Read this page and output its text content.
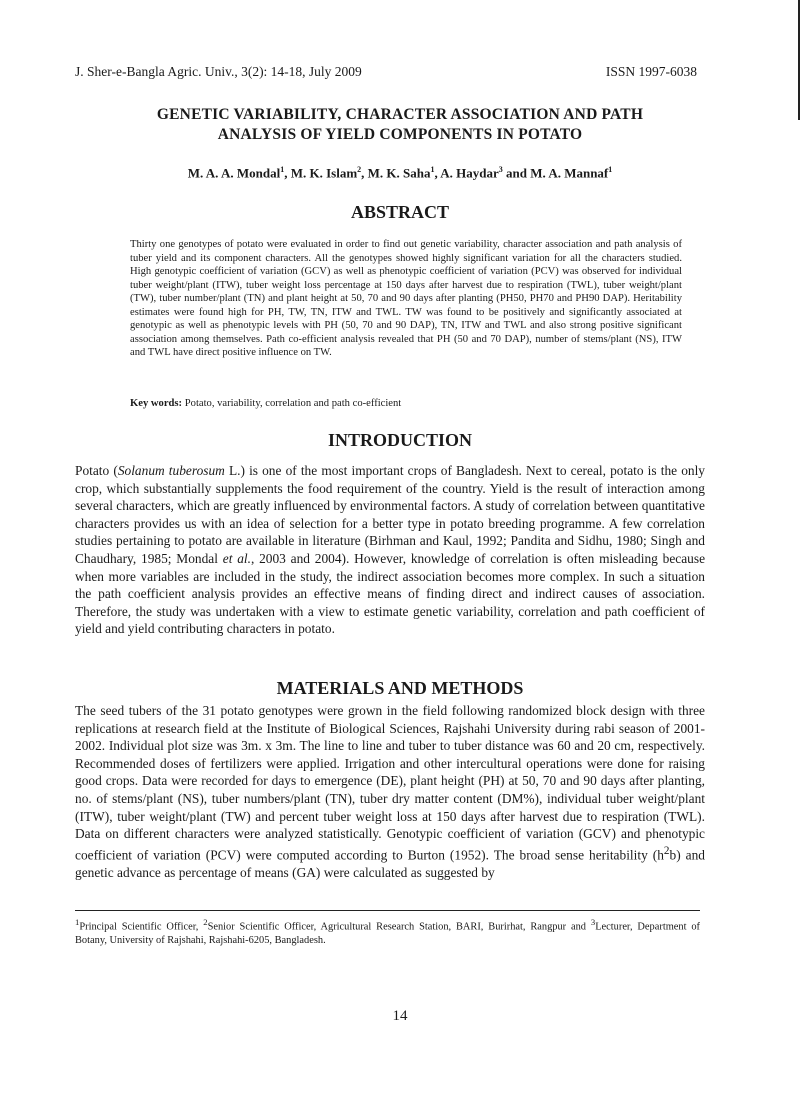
J. Sher-e-Bangla Agric. Univ., 3(2): 14-18, July 2009	ISSN 1997-6038
GENETIC VARIABILITY, CHARACTER ASSOCIATION AND PATH
ANALYSIS OF YIELD COMPONENTS IN POTATO
M. A. A. Mondal$^1$, M. K. Islam$^2$, M. K. Saha$^1$, A. Haydar$^3$ and M. A. Mannaf$^1$
ABSTRACT
Thirty one genotypes of potato were evaluated in order to find out genetic variability, character association and path analysis of tuber yield and its component characters. All the genotypes showed highly significant variation for all the characters studied. High genotypic coefficient of variation (GCV) as well as phenotypic coefficient of variation (PCV) was observed for individual tuber weight/plant (ITW), tuber weight loss percentage at 150 days after harvest due to respiration (TWL), tuber weight/plant (TW), tuber number/plant (TN) and plant height at 50, 70 and 90 days after planting (PH50, PH70 and PH90 DAP). Heritability estimates were found high for PH, TW, TN, ITW and TWL. TW was found to be positively and significantly associated at genotypic as well as phenotypic levels with PH (50, 70 and 90 DAP), TN, ITW and TWL and also strong positive significant association among themselves. Path co-efficient analysis revealed that PH (50 and 70 DAP), number of stems/plant (NS), ITW and TWL have direct positive influence on TW.
Key words: Potato, variability, correlation and path co-efficient
INTRODUCTION
Potato (Solanum tuberosum L.) is one of the most important crops of Bangladesh. Next to cereal, potato is the only crop, which substantially supplements the food requirement of the country. Yield is the result of interaction among several characters, which are greatly influenced by environmental factors. A study of correlation between quantitative characters provides us with an idea of selection for a better type in potato breeding programme. A few correlation studies pertaining to potato are available in literature (Birhman and Kaul, 1992; Pandita and Sidhu, 1980; Singh and Chaudhary, 1985; Mondal et al., 2003 and 2004). However, knowledge of correlation is often misleading because when more variables are included in the study, the indirect association becomes more complex. In such a situation the path coefficient analysis provides an effective means of finding direct and indirect causes of association. Therefore, the study was undertaken with a view to estimate genetic variability, correlation and path coefficient of yield and yield contributing characters in potato.
MATERIALS AND METHODS
The seed tubers of the 31 potato genotypes were grown in the field following randomized block design with three replications at research field at the Institute of Biological Sciences, Rajshahi University during rabi season of 2001-2002. Individual plot size was 3m. x 3m. The line to line and tuber to tuber distance was 60 and 20 cm, respectively. Recommended doses of fertilizers were applied. Irrigation and other intercultural operations were done for raising good crops. Data were recorded for days to emergence (DE), plant height (PH) at 50, 70 and 90 days after planting, no. of stems/plant (NS), tuber numbers/plant (TN), tuber dry matter content (DM%), individual tuber weight/plant (ITW), tuber weight/plant (TW) and percent tuber weight loss at 150 days after harvest due to respiration (TWL). Data on different characters were analyzed statistically. Genotypic coefficient of variation (GCV) and phenotypic coefficient of variation (PCV) were computed according to Burton (1952). The broad sense heritability $(h^2b)$ and genetic advance as percentage of means (GA) were calculated as suggested by
$^1$Principal Scientific Officer, $^2$Senior Scientific Officer, Agricultural Research Station, BARI, Burirhat, Rangpur and $^3$Lecturer, Department of Botany, University of Rajshahi, Rajshahi-6205, Bangladesh.
14
